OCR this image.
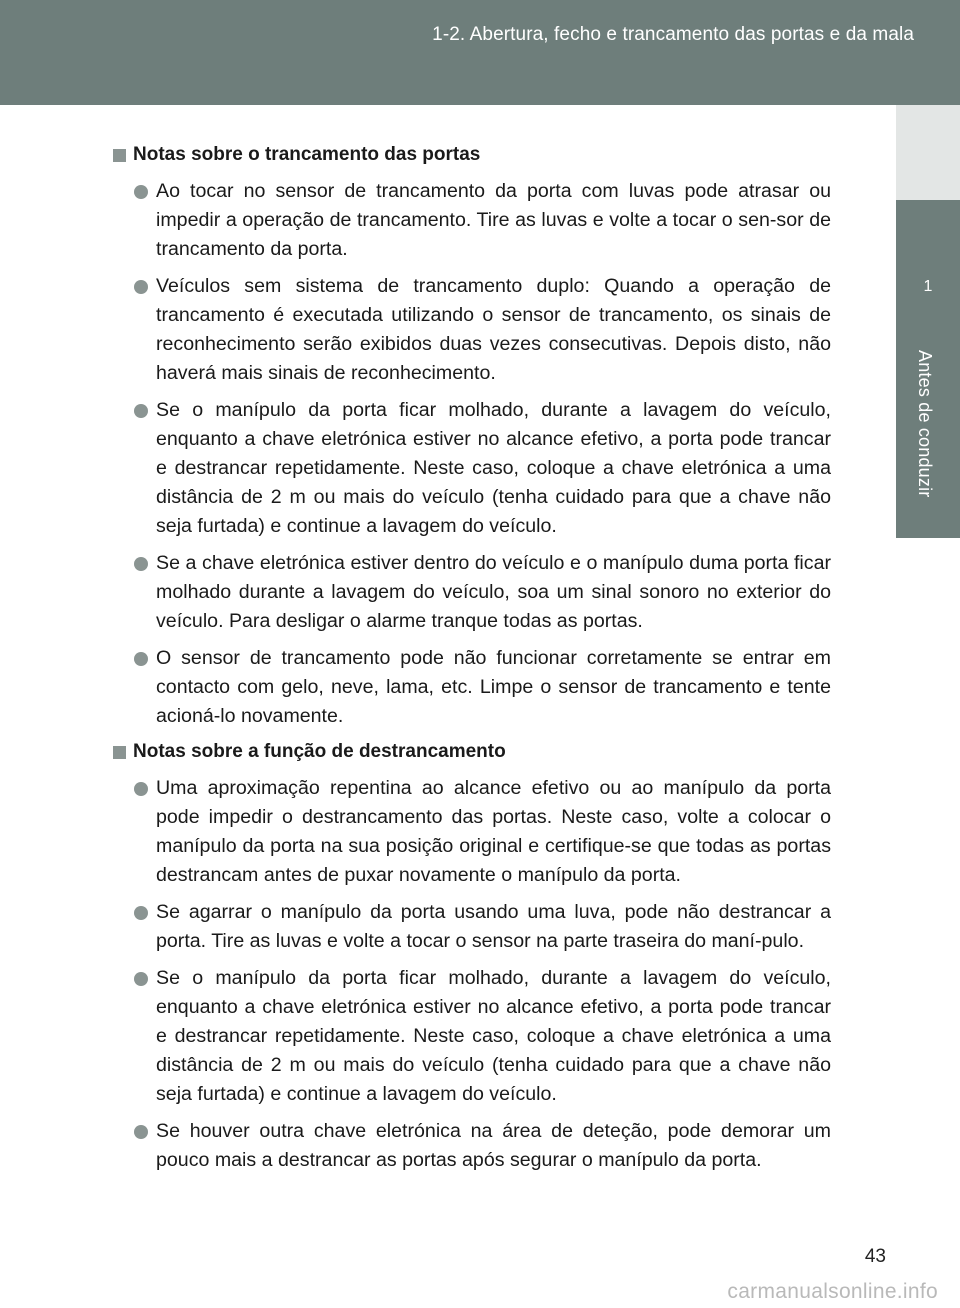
1-2. Abertura, fecho e trancamento das portas e da mala
1
Antes de conduzir
Notas sobre o trancamento das portas
Ao tocar no sensor de trancamento da porta com luvas pode atrasar ou impedir a operação de trancamento. Tire as luvas e volte a tocar o sen-sor de trancamento da porta.
Veículos sem sistema de trancamento duplo: Quando a operação de trancamento é executada utilizando o sensor de trancamento, os sinais de reconhecimento serão exibidos duas vezes consecutivas. Depois disto, não haverá mais sinais de reconhecimento.
Se o manípulo da porta ficar molhado, durante a lavagem do veículo, enquanto a chave eletrónica estiver no alcance efetivo, a porta pode trancar e destrancar repetidamente. Neste caso, coloque a chave eletrónica a uma distância de 2 m ou mais do veículo (tenha cuidado para que a chave não seja furtada) e continue a lavagem do veículo.
Se a chave eletrónica estiver dentro do veículo e o manípulo duma porta ficar molhado durante a lavagem do veículo, soa um sinal sonoro no exterior do veículo. Para desligar o alarme tranque todas as portas.
O sensor de trancamento pode não funcionar corretamente se entrar em contacto com gelo, neve, lama, etc. Limpe o sensor de trancamento e tente acioná-lo novamente.
Notas sobre a função de destrancamento
Uma aproximação repentina ao alcance efetivo ou ao manípulo da porta pode impedir o destrancamento das portas. Neste caso, volte a colocar o manípulo da porta na sua posição original e certifique-se que todas as portas destrancam antes de puxar novamente o manípulo da porta.
Se agarrar o manípulo da porta usando uma luva, pode não destrancar a porta. Tire as luvas e volte a tocar o sensor na parte traseira do maní-pulo.
Se o manípulo da porta ficar molhado, durante a lavagem do veículo, enquanto a chave eletrónica estiver no alcance efetivo, a porta pode trancar e destrancar repetidamente. Neste caso, coloque a chave eletrónica a uma distância de 2 m ou mais do veículo (tenha cuidado para que a chave não seja furtada) e continue a lavagem do veículo.
Se houver outra chave eletrónica na área de deteção, pode demorar um pouco mais a destrancar as portas após segurar o manípulo da porta.
43
carmanualsonline.info
